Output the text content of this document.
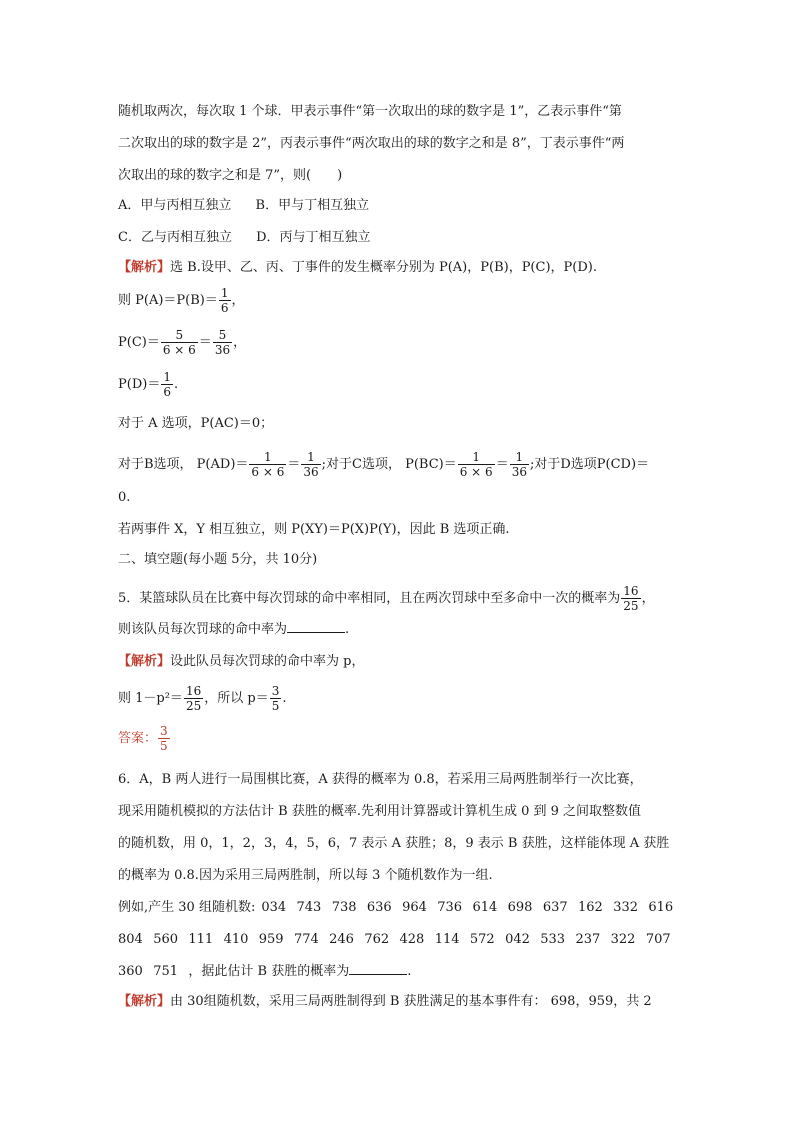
随机取两次，每次取 1 个球．甲表示事件“第一次取出的球的数字是 1”，乙表示事件“第
二次取出的球的数字是 2”，丙表示事件“两次取出的球的数字之和是 8”，丁表示事件“两
次取出的球的数字之和是 7”，则(　　)
A．甲与丙相互独立 B．甲与丁相互独立
C．乙与丙相互独立 D．丙与丁相互独立
【解析】选 B.设甲、乙、丙、丁事件的发生概率分别为 P(A)，P(B)，P(C)，P(D).
则 $P(A)=P(B)= \frac{1}{6}$ ，
$P(C)= \frac{5}{6 \times 6} = \frac{5}{36}$ ，
$P(D)= \frac{1}{6}$ .
对于 A 选项，P(AC)＝0；
对于B选项， $P(AD)= \frac{1}{6 \times 6} = \frac{1}{36}$ ;对于C选项， $P(BC)= \frac{1}{6 \times 6} = \frac{1}{36}$ ;对于D选项P(CD)＝
0.
若两事件 X，Y 相互独立，则 P(XY)＝P(X)P(Y)，因此 B 选项正确.
二、填空题(每小题 5分，共 10分)
5．某篮球队员在比赛中每次罚球的命中率相同，且在两次罚球中至多命中一次的概率为 $\frac{16}{25}$ ，
则该队员每次罚球的命中率为	.
【解析】设此队员每次罚球的命中率为 p，
则 $1-p^2= \frac{16}{25}$ ，所以 $p= \frac{3}{5}$ .
答案： $\frac{3}{5}$
6．A，B 两人进行一局围棋比赛，A 获得的概率为 0.8，若采用三局两胜制举行一次比赛，
现采用随机模拟的方法估计 B 获胜的概率.先利用计算器或计算机生成 0 到 9 之间取整数值
的随机数，用 0，1，2，3，4，5，6，7 表示 A 获胜；8，9 表示 B 获胜，这样能体现 A 获胜
的概率为 0.8.因为采用三局两胜制，所以每 3 个随机数作为一组.
例如,产生 30 组随机数: 034 743 738 636 964 736 614 698 637 162 332 616
804 560 111 410 959 774 246 762 428 114 572 042 533 237 322 707
360 751 ，据此估计 B 获胜的概率为	.
【解析】由 30组随机数，采用三局两胜制得到 B 获胜满足的基本事件有： 698，959，共 2
